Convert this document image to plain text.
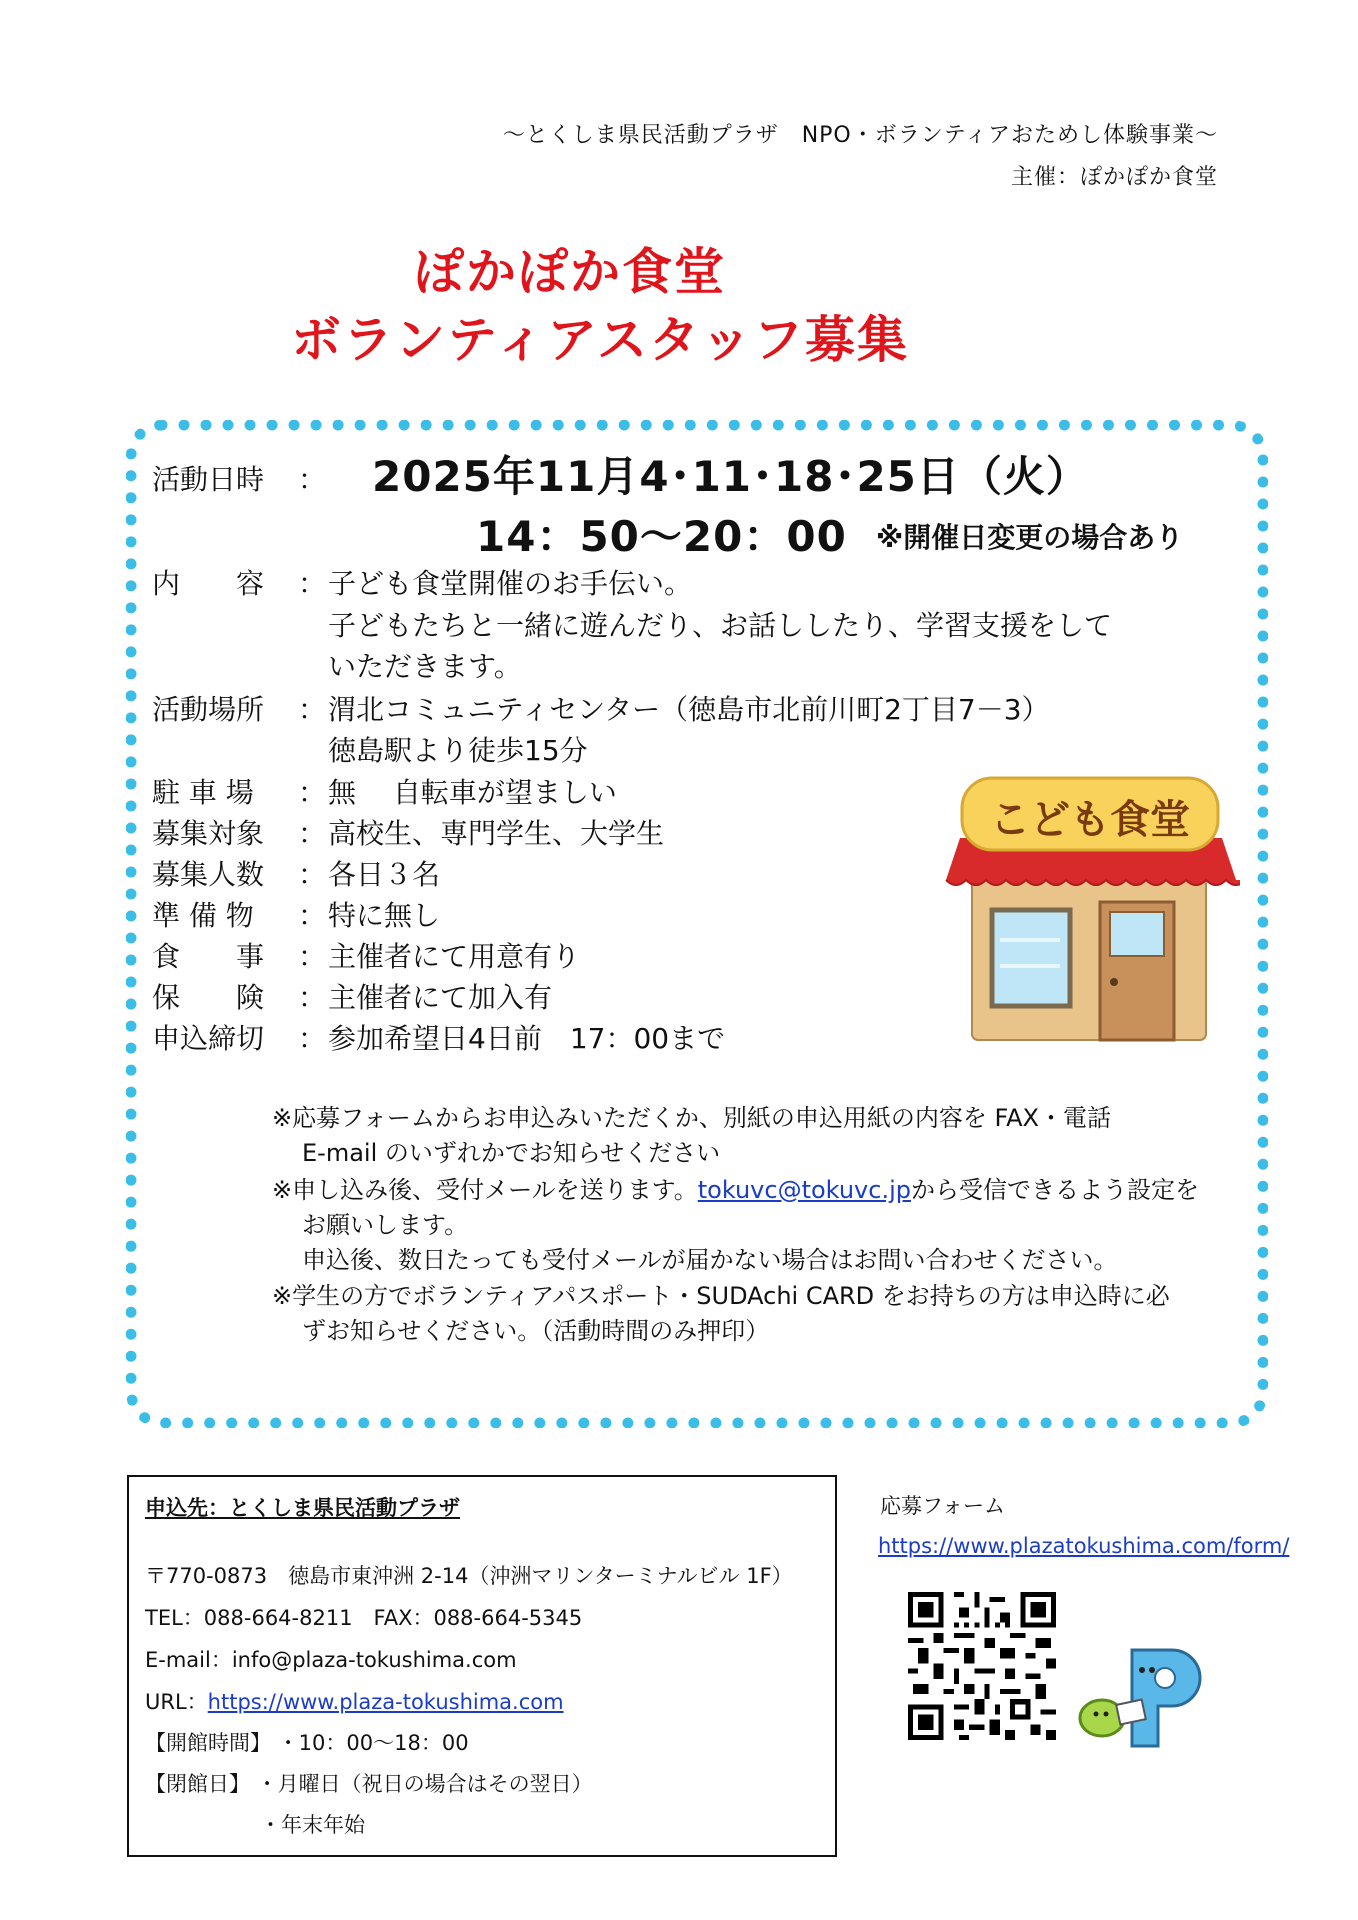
～とくしま県民活動プラザ　NPO・ボランティアおためし体験事業～
主催：ぽかぽか食堂
ぽかぽか食堂
ボランティアスタッフ募集
活動日時	： 2025年11月4･11･18･25日（火）
14：50～20：00 ※開催日変更の場合あり
内　　容	： 子ども食堂開催のお手伝い。
子どもたちと一緒に遊んだり、お話ししたり、学習支援をして
いただきます。
活動場所	： 渭北コミュニティセンター（徳島市北前川町2丁目7－3）
徳島駅より徒歩15分
駐 車 場	： 無　 自転車が望ましい
募集対象	： 高校生、専門学生、大学生
募集人数	： 各日３名
準 備 物	： 特に無し
食　　事	： 主催者にて用意有り
保　　険	： 主催者にて加入有
申込締切	： 参加希望日4日前　17：00まで
こども食堂
※応募フォームからお申込みいただくか、別紙の申込用紙の内容を FAX・電話
E-mail のいずれかでお知らせください
※申し込み後、受付メールを送ります。tokuvc@tokuvc.jpから受信できるよう設定を
お願いします。
申込後、数日たっても受付メールが届かない場合はお問い合わせください。
※学生の方でボランティアパスポート・SUDAchi CARD をお持ちの方は申込時に必
ずお知らせください。（活動時間のみ押印）
申込先：とくしま県民活動プラザ
〒770-0873　徳島市東沖洲 2-14（沖洲マリンターミナルビル 1F）
TEL：088-664-8211　FAX：088-664-5345
E-mail：info@plaza-tokushima.com
URL：https://www.plaza-tokushima.com
【開館時間】 ・10：00～18：00
【閉館日】 ・月曜日（祝日の場合はその翌日）
・年末年始
応募フォーム
https://www.plazatokushima.com/form/
